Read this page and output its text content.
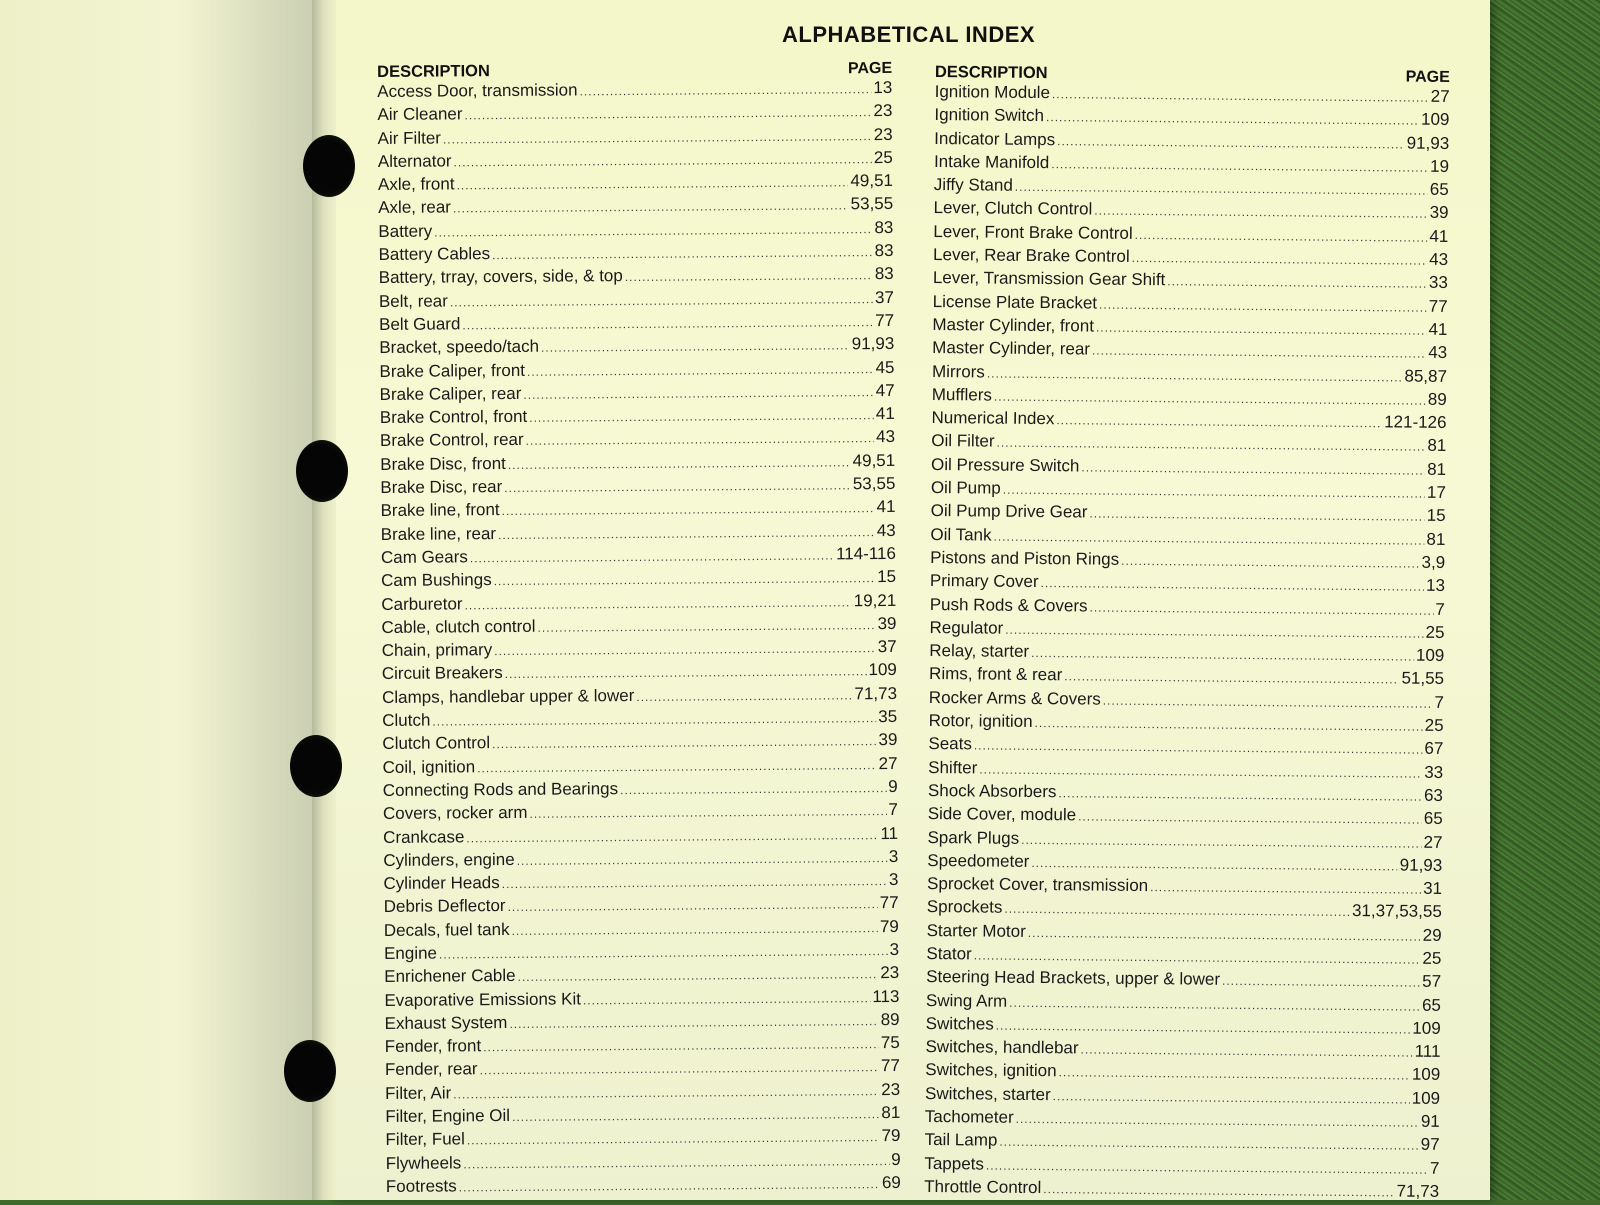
ALPHABETICAL INDEX
DESCRIPTION	PAGE
Access Door, transmission .....	13
Air Cleaner .....	23
Air Filter .....	23
Alternator .....	25
Axle, front .....	49,51
Axle, rear .....	53,55
Battery .....	83
Battery Cables .....	83
Battery, trray, covers, side, & top .....	83
Belt, rear .....	37
Belt Guard .....	77
Bracket, speedo/tach .....	91,93
Brake Caliper, front .....	45
Brake Caliper, rear .....	47
Brake Control, front .....	41
Brake Control, rear .....	43
Brake Disc, front .....	49,51
Brake Disc, rear .....	53,55
Brake line, front .....	41
Brake line, rear .....	43
Cam Gears .....	114-116
Cam Bushings .....	15
Carburetor .....	19,21
Cable, clutch control .....	39
Chain, primary .....	37
Circuit Breakers .....	109
Clamps, handlebar upper & lower .....	71,73
Clutch .....	35
Clutch Control .....	39
Coil, ignition .....	27
Connecting Rods and Bearings .....	9
Covers, rocker arm .....	7
Crankcase .....	11
Cylinders, engine .....	3
Cylinder Heads .....	3
Debris Deflector .....	77
Decals, fuel tank .....	79
Engine .....	3
Enrichener Cable .....	23
Evaporative Emissions Kit .....	113
Exhaust System .....	89
Fender, front .....	75
Fender, rear .....	77
Filter, Air .....	23
Filter, Engine Oil .....	81
Filter, Fuel .....	79
Flywheels .....	9
Footrests .....	69
DESCRIPTION	PAGE
Ignition Module .....	27
Ignition Switch .....	109
Indicator Lamps .....	91,93
Intake Manifold .....	19
Jiffy Stand .....	65
Lever, Clutch Control .....	39
Lever, Front Brake Control .....	41
Lever, Rear Brake Control .....	43
Lever, Transmission Gear Shift .....	33
License Plate Bracket .....	77
Master Cylinder, front .....	41
Master Cylinder, rear .....	43
Mirrors .....	85,87
Mufflers .....	89
Numerical Index .....	121-126
Oil Filter .....	81
Oil Pressure Switch .....	81
Oil Pump .....	17
Oil Pump Drive Gear .....	15
Oil Tank .....	81
Pistons and Piston Rings .....	3,9
Primary Cover .....	13
Push Rods & Covers .....	7
Regulator .....	25
Relay, starter .....	109
Rims, front & rear .....	51,55
Rocker Arms & Covers .....	7
Rotor, ignition .....	25
Seats .....	67
Shifter .....	33
Shock Absorbers .....	63
Side Cover, module .....	65
Spark Plugs .....	27
Speedometer .....	91,93
Sprocket Cover, transmission .....	31
Sprockets .....	31,37,53,55
Starter Motor .....	29
Stator .....	25
Steering Head Brackets, upper & lower .....	57
Swing Arm .....	65
Switches .....	109
Switches, handlebar .....	111
Switches, ignition .....	109
Switches, starter .....	109
Tachometer .....	91
Tail Lamp .....	97
Tappets .....	7
Throttle Control .....	71,73
